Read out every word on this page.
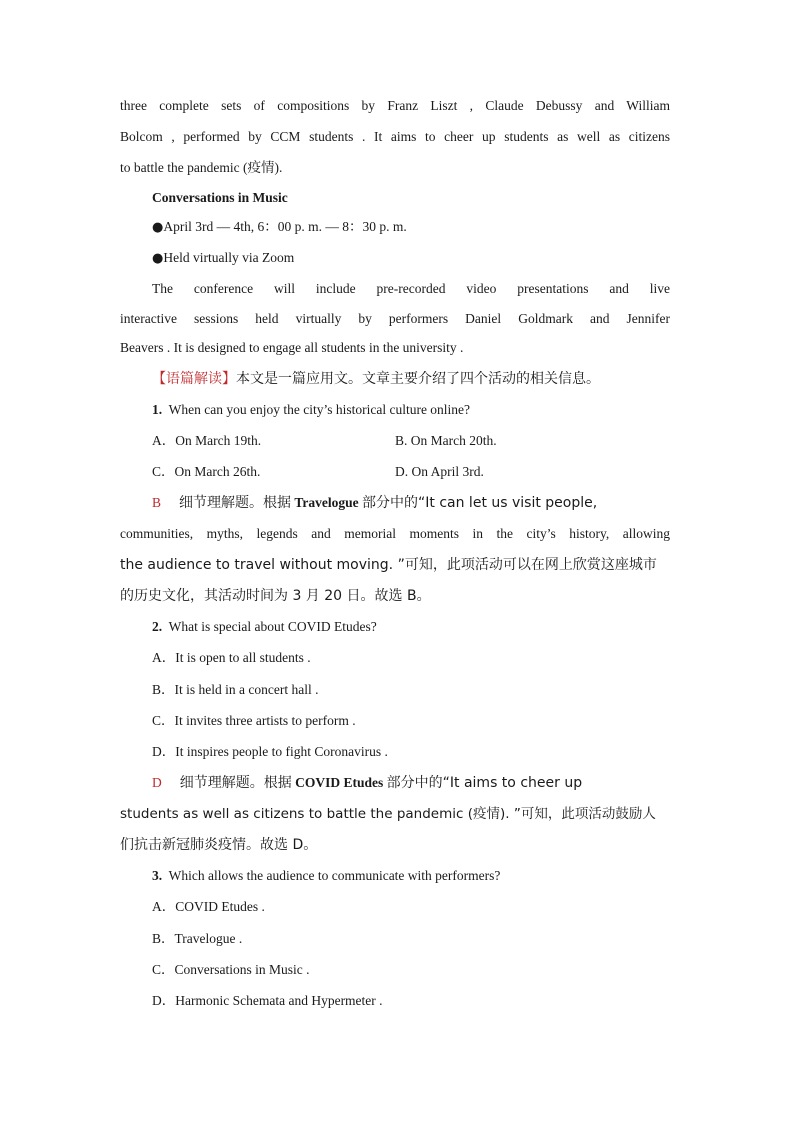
three complete sets of compositions by Franz Liszt , Claude Debussy and William
Bolcom , performed by CCM students . It aims to cheer up students as well as citizens
to battle the pandemic (疫情).
Conversations in Music
●April 3rd — 4th, 6：00 p. m. — 8：30 p. m.
●Held virtually via Zoom
The conference will include pre‑recorded video presentations and live
interactive sessions held virtually by performers Daniel Goldmark and Jennifer
Beavers . It is designed to engage all students in the university .
【语篇解读】本文是一篇应用文。文章主要介绍了四个活动的相关信息。
1. When can you enjoy the city’s historical culture online?
A．On March 19th.	B. On March 20th.
C．On March 26th.	D. On April 3rd.
B 细节理解题。根据 Travelogue 部分中的“It can let us visit people,
communities, myths, legends and memorial moments in the city’s history, allowing
the audience to travel without moving. ”可知，此项活动可以在网上欣赏这座城市
的历史文化，其活动时间为 3 月 20 日。故选 B。
2. What is special about COVID Etudes?
A．It is open to all students .
B．It is held in a concert hall .
C．It invites three artists to perform .
D．It inspires people to fight Coronavirus .
D 细节理解题。根据 COVID Etudes 部分中的“It aims to cheer up
students as well as citizens to battle the pandemic (疫情). ”可知，此项活动鼓励人
们抗击新冠肺炎疫情。故选 D。
3. Which allows the audience to communicate with performers?
A．COVID Etudes .
B．Travelogue .
C．Conversations in Music .
D．Harmonic Schemata and Hypermeter .
